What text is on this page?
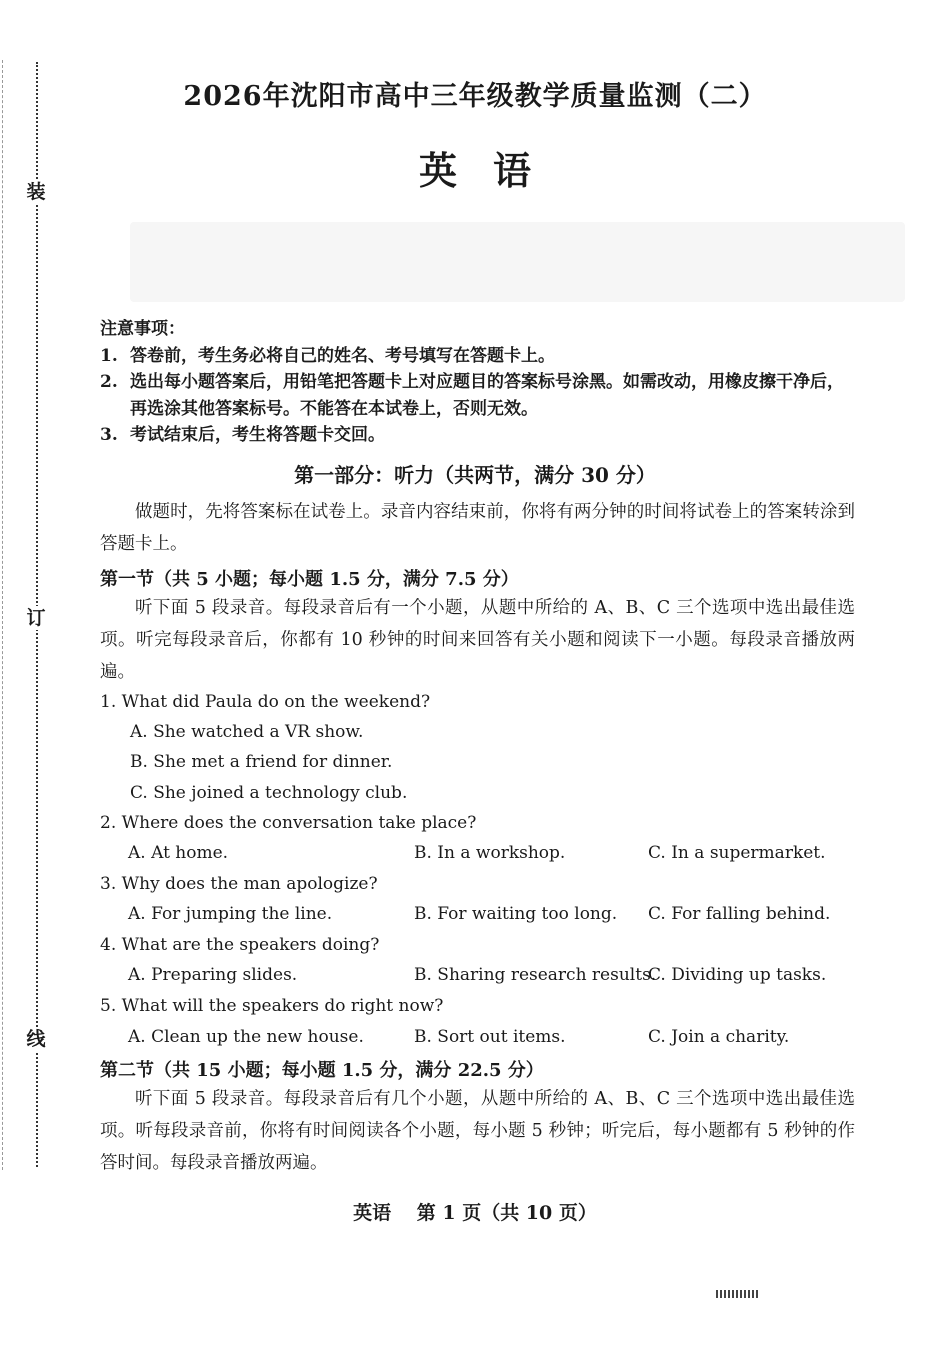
装
订
线
2026年沈阳市高中三年级教学质量监测（二）
英语
注意事项：
1. 答卷前，考生务必将自己的姓名、考号填写在答题卡上。
2. 选出每小题答案后，用铅笔把答题卡上对应题目的答案标号涂黑。如需改动，用橡皮擦干净后，再选涂其他答案标号。不能答在本试卷上，否则无效。
3. 考试结束后，考生将答题卡交回。
第一部分：听力（共两节，满分 30 分）
做题时，先将答案标在试卷上。录音内容结束前，你将有两分钟的时间将试卷上的答案转涂到答题卡上。
第一节（共 5 小题；每小题 1.5 分，满分 7.5 分）
听下面 5 段录音。每段录音后有一个小题，从题中所给的 A、B、C 三个选项中选出最佳选项。听完每段录音后，你都有 10 秒钟的时间来回答有关小题和阅读下一小题。每段录音播放两遍。
1. What did Paula do on the weekend?
A. She watched a VR show.
B. She met a friend for dinner.
C. She joined a technology club.
2. Where does the conversation take place?
A. At home.	B. In a workshop.	C. In a supermarket.
3. Why does the man apologize?
A. For jumping the line.	B. For waiting too long. C. For falling behind.
4. What are the speakers doing?
A. Preparing slides.	B. Sharing research results.
C. Dividing up tasks.
5. What will the speakers do right now?
A. Clean up the new house.	B. Sort out items.	C. Join a charity.
第二节（共 15 小题；每小题 1.5 分，满分 22.5 分）
听下面 5 段录音。每段录音后有几个小题，从题中所给的 A、B、C 三个选项中选出最佳选项。听每段录音前，你将有时间阅读各个小题，每小题 5 秒钟；听完后，每小题都有 5 秒钟的作答时间。每段录音播放两遍。
英语　 第 1 页（共 10 页）
